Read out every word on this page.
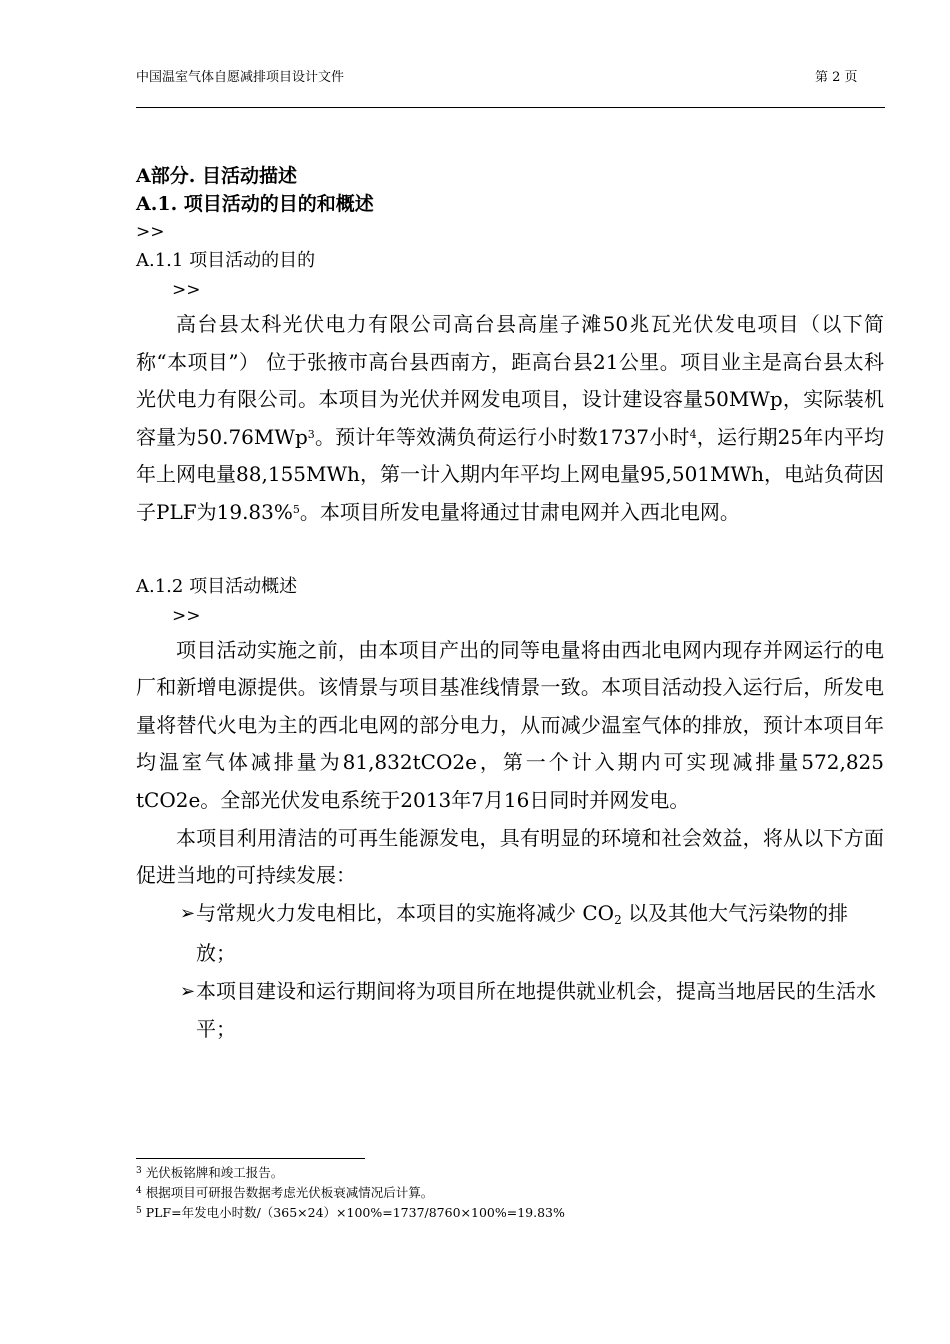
中国温室气体自愿减排项目设计文件	第 2 页
A部分. 目活动描述
A.1. 项目活动的目的和概述
>>
A.1.1 项目活动的目的
>>

高台县太科光伏电力有限公司高台县高崖子滩50兆瓦光伏发电项目（以下简称“本项目”） 位于张掖市高台县西南方，距高台县21公里。项目业主是高台县太科光伏电力有限公司。本项目为光伏并网发电项目，设计建设容量50MWp，实际装机容量为50.76MWp$^3$。预计年等效满负荷运行小时数1737小时$^4$，运行期25年内平均年上网电量88,155MWh，第一计入期内年平均上网电量95,501MWh，电站负荷因子PLF为19.83%$^5$。本项目所发电量将通过甘肃电网并入西北电网。

A.1.2 项目活动概述
>>

项目活动实施之前，由本项目产出的同等电量将由西北电网内现存并网运行的电厂和新增电源提供。该情景与项目基准线情景一致。本项目活动投入运行后，所发电量将替代火电为主的西北电网的部分电力，从而减少温室气体的排放，预计本项目年均温室气体减排量为81,832tCO2e，第一个计入期内可实现减排量572,825 tCO2e。全部光伏发电系统于2013年7月16日同时并网发电。

本项目利用清洁的可再生能源发电，具有明显的环境和社会效益，将从以下方面促进当地的可持续发展：

➢ 与常规火力发电相比，本项目的实施将减少 $CO_2$ 以及其他大气污染物的排放；

➢ 本项目建设和运行期间将为项目所在地提供就业机会，提高当地居民的生活水平；

$^3$ 光伏板铭牌和竣工报告。
$^4$ 根据项目可研报告数据考虑光伏板衰减情况后计算。
$^5$ PLF=年发电小时数/（365×24）×100%=1737/8760×100%=19.83%
